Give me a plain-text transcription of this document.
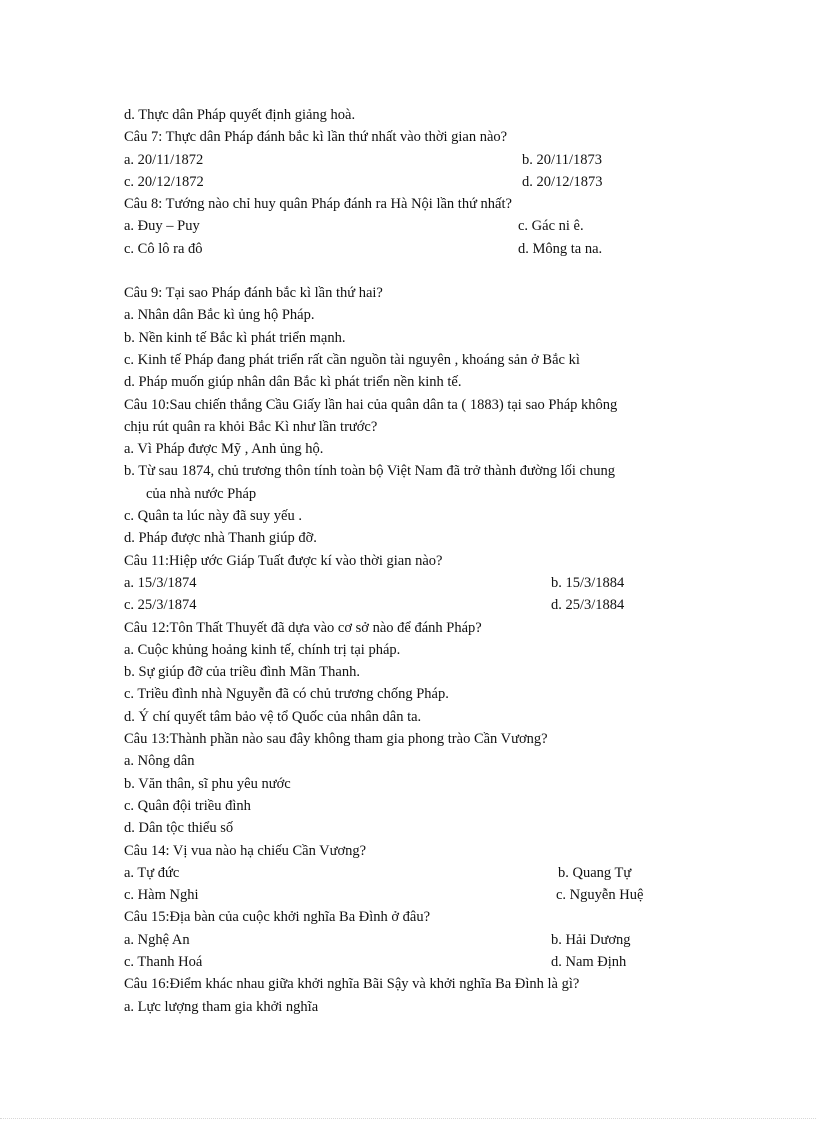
d. Thực dân Pháp quyết định giảng hoà.
Câu 7: Thực dân Pháp đánh bắc kì lần thứ nhất vào thời gian nào?
a. 20/11/1872	b. 20/11/1873
c. 20/12/1872	d. 20/12/1873
Câu 8: Tướng nào chỉ huy quân Pháp đánh ra Hà Nội lần thứ nhất?
a. Đuy – Puy	c. Gác ni ê.
c. Cô lô ra đô	d. Mông ta na.
Câu 9: Tại sao Pháp đánh bắc kì lần thứ hai?
a. Nhân dân Bắc kì ủng hộ Pháp.
b. Nền kinh tế Bắc kì phát triển mạnh.
c. Kinh tế Pháp đang phát triển rất cần nguồn tài nguyên , khoáng sản ở Bắc kì
d. Pháp muốn giúp nhân dân Bắc kì phát triển nền kinh tế.
Câu 10:Sau chiến thắng Cầu Giấy lần hai của quân dân ta ( 1883) tại sao Pháp không
chịu rút quân ra khỏi Bắc Kì như lần trước?
a. Vì Pháp được Mỹ , Anh ủng hộ.
b. Từ sau 1874, chủ trương thôn tính toàn bộ Việt Nam đã trở thành đường lối chung
của nhà nước Pháp
c. Quân ta lúc này đã suy yếu .
d. Pháp được nhà Thanh giúp đỡ.
Câu 11:Hiệp ước Giáp Tuất được kí vào thời gian nào?
a. 15/3/1874	b. 15/3/1884
c. 25/3/1874	d. 25/3/1884
Câu 12:Tôn Thất Thuyết đã dựa vào cơ sở nào để đánh Pháp?
a. Cuộc khủng hoảng kinh tế, chính trị tại pháp.
b. Sự giúp đỡ của triều đình Mãn Thanh.
c. Triều đình nhà Nguyễn đã có chủ trương chống Pháp.
d. Ý chí quyết tâm bảo vệ tổ Quốc của nhân dân ta.
Câu 13:Thành phần nào sau đây không tham gia phong trào Cần Vương?
a. Nông dân
b. Văn thân, sĩ phu yêu nước
c. Quân đội triều đình
d. Dân tộc thiểu số
Câu 14: Vị vua nào hạ chiếu Cần Vương?
a. Tự đức	b. Quang Tự
c. Hàm Nghi	c. Nguyễn Huệ
Câu 15:Địa bàn của cuộc khởi nghĩa Ba Đình ở đâu?
a. Nghệ An	b. Hải Dương
c. Thanh Hoá	d. Nam Định
Câu 16:Điểm khác nhau giữa khởi nghĩa Bãi Sậy và khởi nghĩa Ba Đình là gì?
a. Lực lượng tham gia khởi nghĩa
